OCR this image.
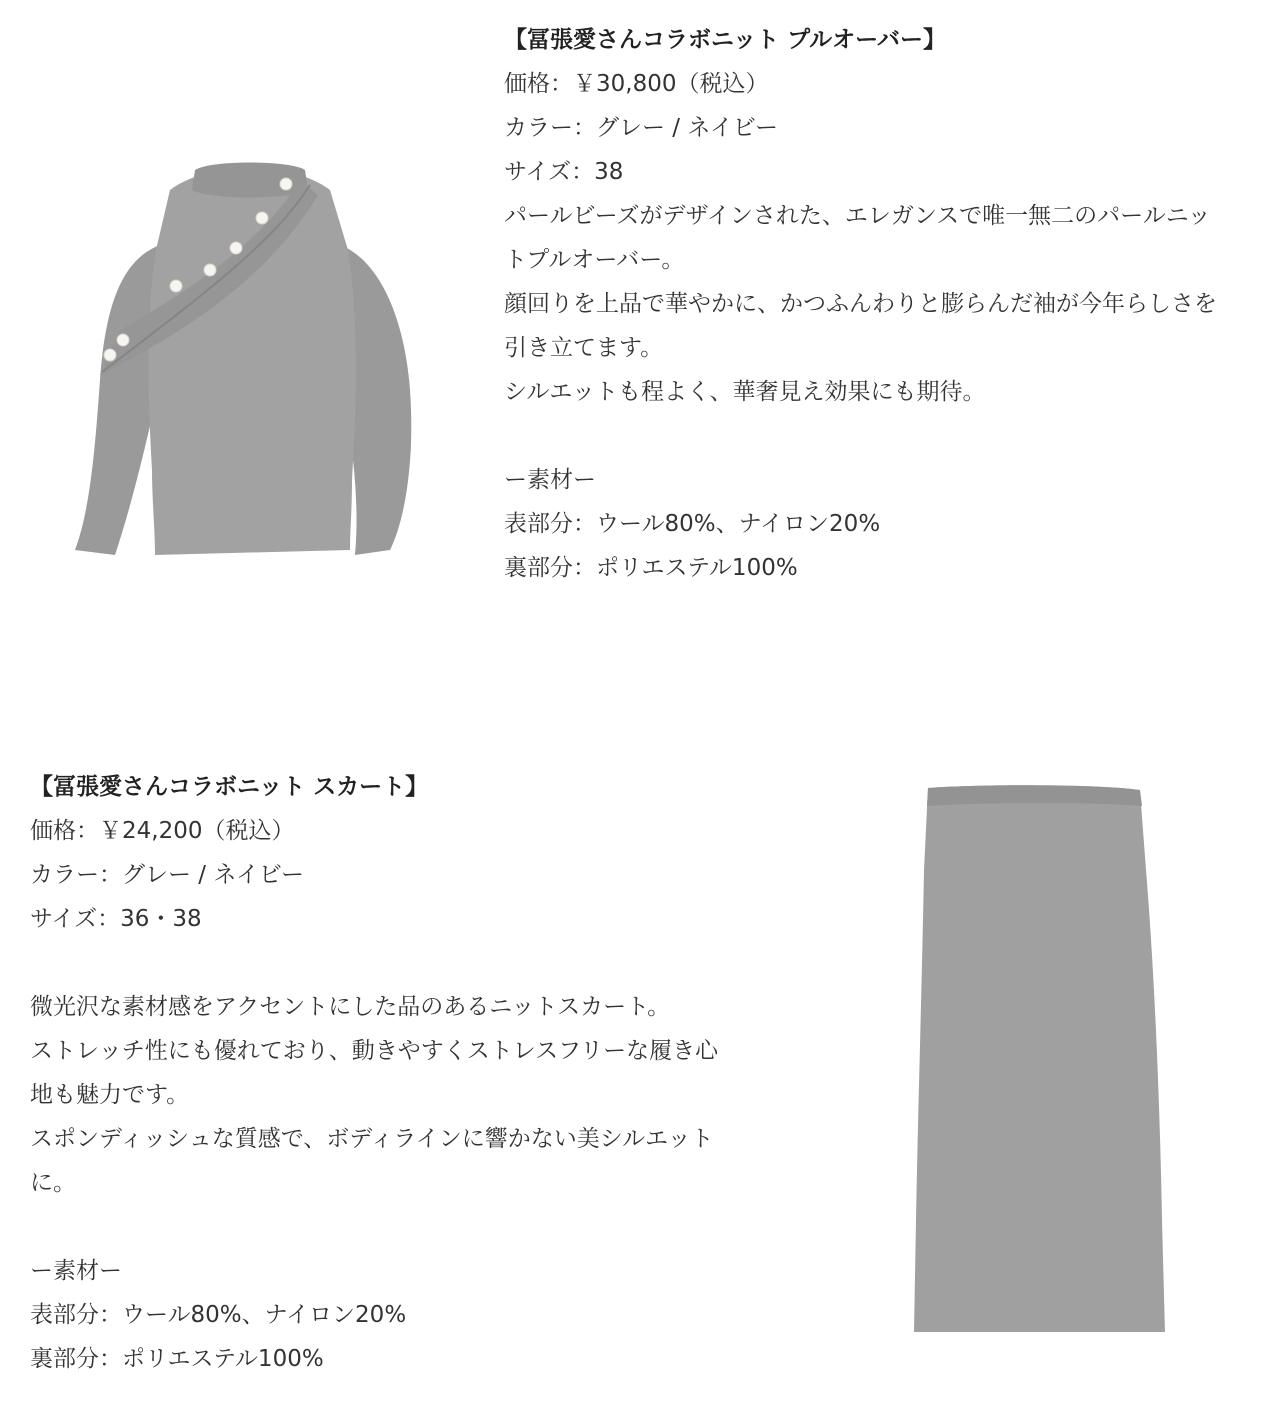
【冨張愛さんコラボニット プルオーバー】

価格：￥30,800（税込）

カラー：グレー / ネイビー

サイズ：38

パールビーズがデザインされた、エレガンスで唯一無二のパールニッ

トプルオーバー。

顔回りを上品で華やかに、かつふんわりと膨らんだ袖が今年らしさを

引き立てます。

シルエットも程よく、華奢見え効果にも期待。

ー素材ー

表部分：ウール80%、ナイロン20%

裏部分：ポリエステル100%

【冨張愛さんコラボニット スカート】

価格：￥24,200（税込）

カラー：グレー / ネイビー

サイズ：36・38

微光沢な素材感をアクセントにした品のあるニットスカート。

ストレッチ性にも優れており、動きやすくストレスフリーな履き心

地も魅力です。

スポンディッシュな質感で、ボディラインに響かない美シルエット

に。

ー素材ー

表部分：ウール80%、ナイロン20%

裏部分：ポリエステル100%
